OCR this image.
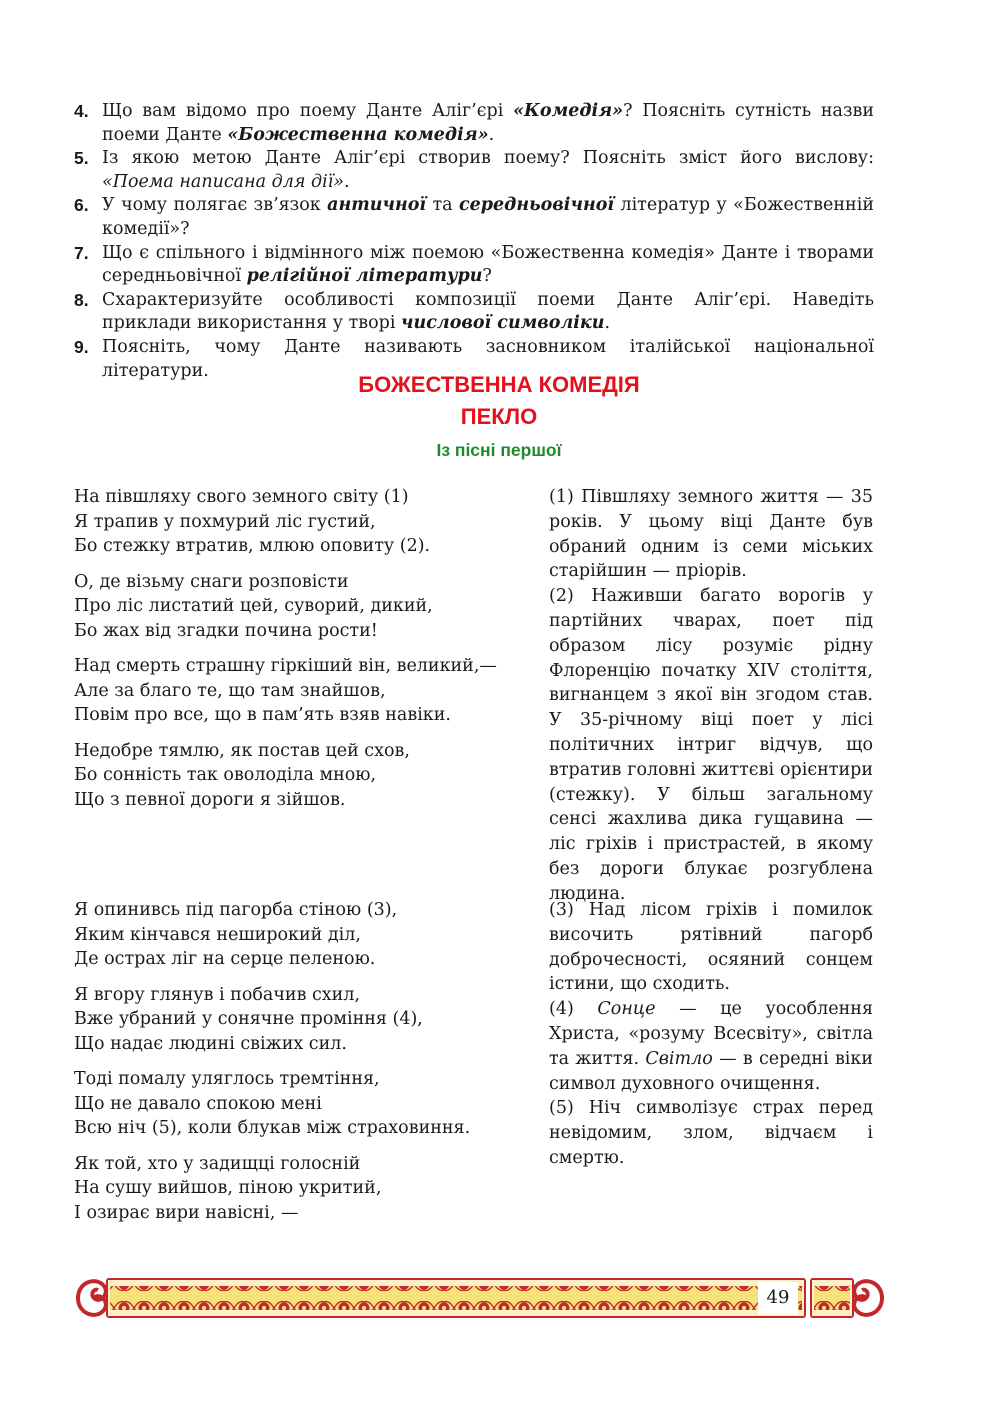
4. Що вам відомо про поему Данте Аліг’єрі «Комедія»? Поясніть сутність назви поеми Данте «Божественна комедія».
5. Із якою метою Данте Аліг’єрі створив поему? Поясніть зміст його вислову: «Поема написана для дії».
6. У чому полягає зв’язок античної та середньовічної літератур у «Божественній комедії»?
7. Що є спільного і відмінного між поемою «Божественна комедія» Данте і творами середньовічної релігійної літератури?
8. Схарактеризуйте особливості композиції поеми Данте Аліг’єрі. Наведіть приклади використання у творі числової символіки.
9. Поясніть, чому Данте називають засновником італійської національної літератури.
БОЖЕСТВЕННА КОМЕДІЯ
ПЕКЛО
Із пісні першої
На півшляху свого земного світу (1)
Я трапив у похмурий ліс густий,
Бо стежку втратив, млюю оповиту (2).
О, де візьму снаги розповісти
Про ліс листатий цей, суворий, дикий,
Бо жах від згадки почина рости!
Над смерть страшну гіркіший він, великий,—
Але за благо те, що там знайшов,
Повім про все, що в пам’ять взяв навіки.
Недобре тямлю, як постав цей схов,
Бо сонність так оволоділа мною,
Що з певної дороги я зійшов.
(1) Півшляху земного життя — 35 років. У цьому віці Данте був обраний одним із семи міських старійшин — пріорів.
(2) Наживши багато ворогів у партійних чварах, поет під образом лісу розуміє рідну Флоренцію початку XIV століття, вигнанцем з якої він згодом став. У 35-річному віці поет у лісі політичних інтриг відчув, що втратив головні життєві орієнтири (стежку). У більш загальному сенсі жахлива дика гущавина — ліс гріхів і пристрастей, в якому без дороги блукає розгублена людина.
Я опинивсь під пагорба стіною (3),
Яким кінчався неширокий діл,
Де острах ліг на серце пеленою.
Я вгору глянув і побачив схил,
Вже убраний у сонячне проміння (4),
Що надає людині свіжих сил.
Тоді помалу уляглось тремтіння,
Що не давало спокою мені
Всю ніч (5), коли блукав між страховиння.
Як той, хто у задищці голосній
На сушу вийшов, піною укритий,
І озирає вири навісні, —
(3) Над лісом гріхів і помилок височить рятівний пагорб доброчесності, осяяний сонцем істини, що сходить.
(4) Сонце — це уособлення Христа, «розуму Всесвіту», світла та життя. Світло — в середні віки символ духовного очищення.
(5) Ніч символізує страх перед невідомим, злом, відчаєм і смертю.
49
